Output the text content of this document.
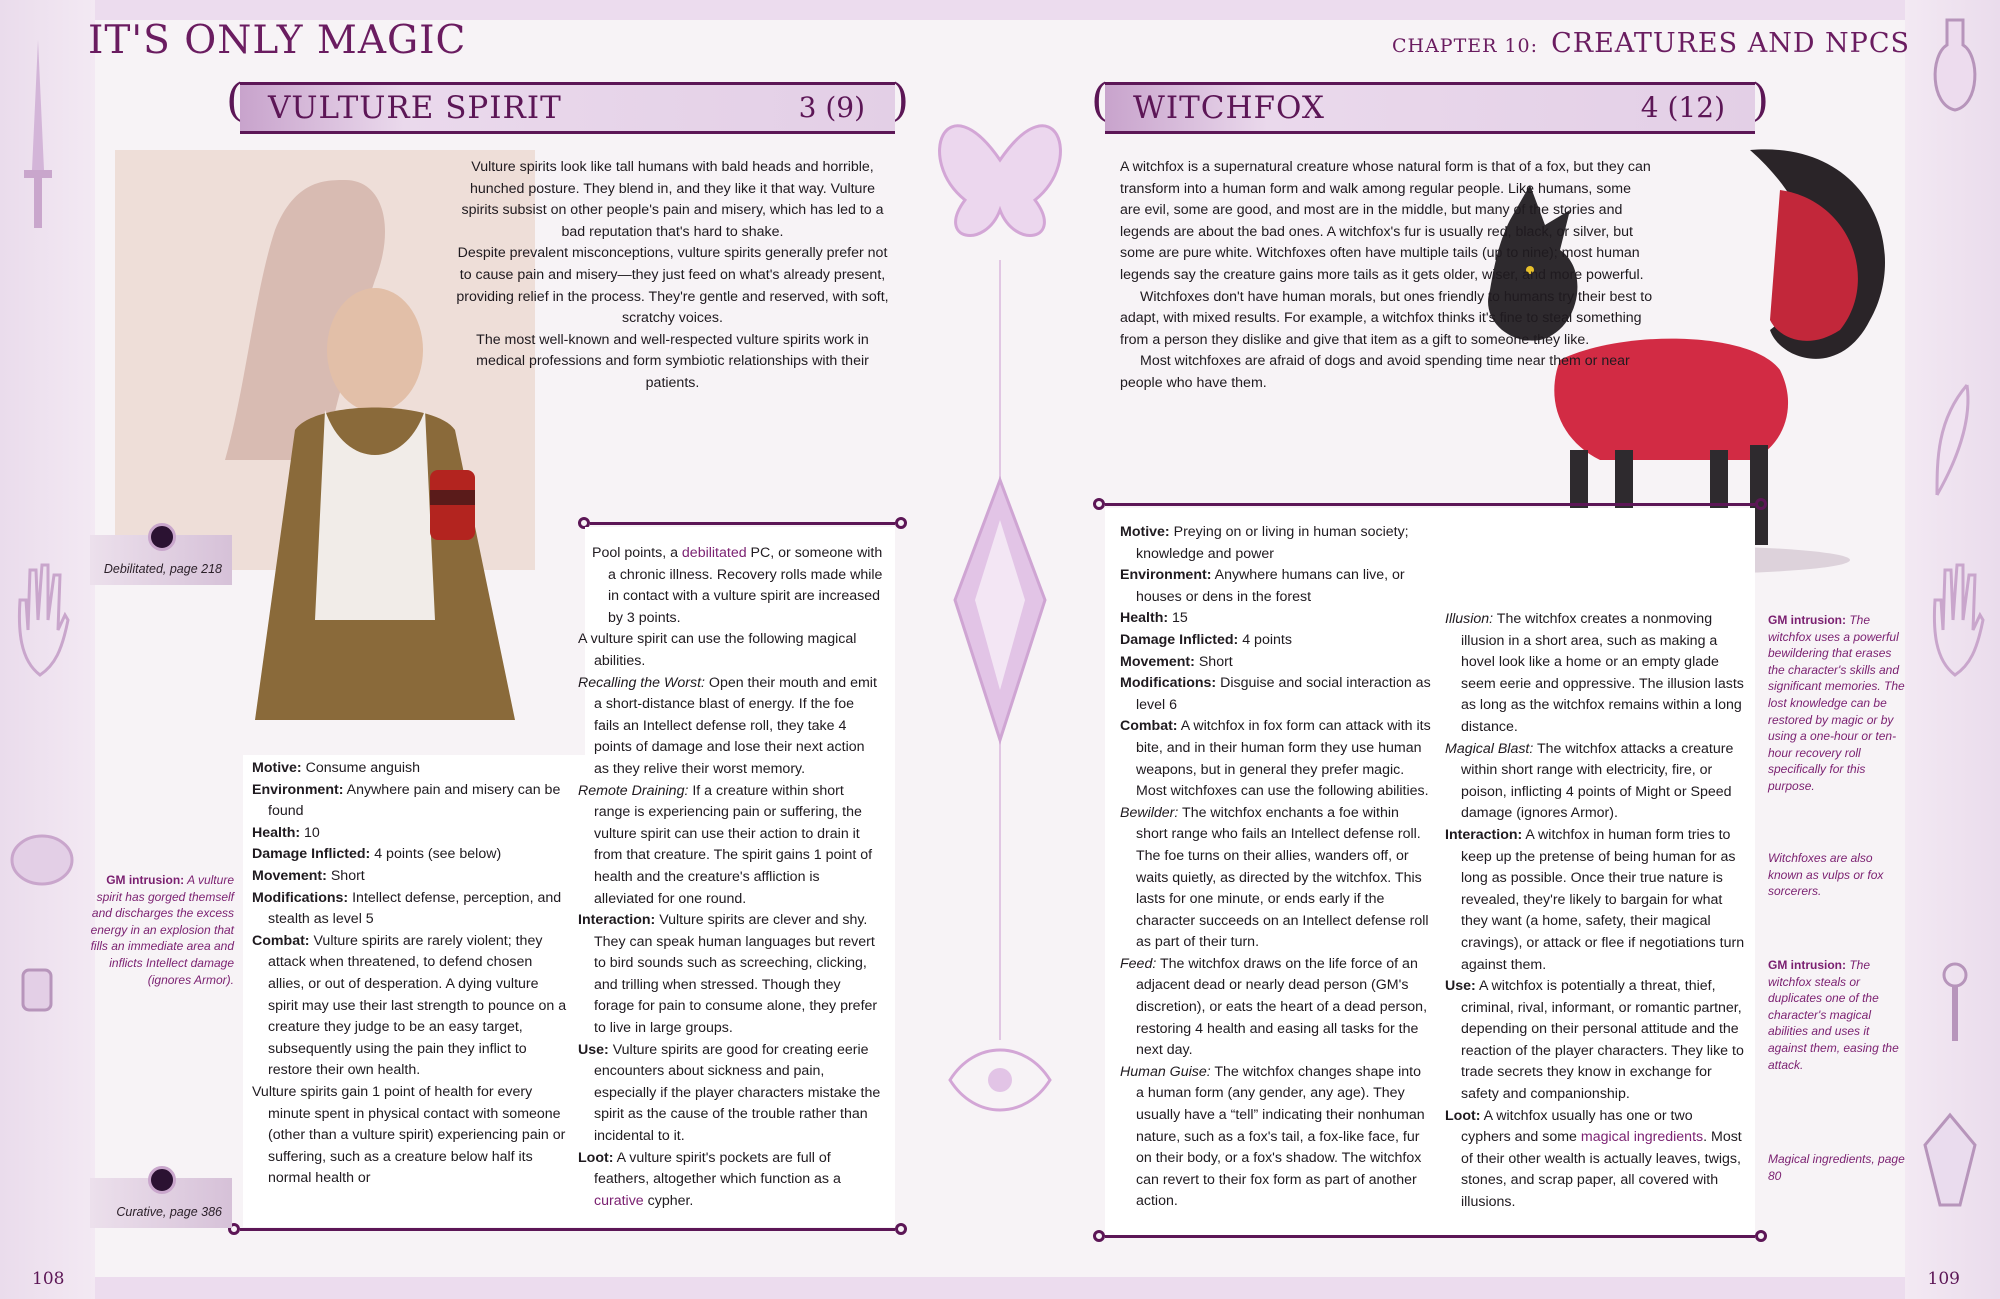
IT'S ONLY MAGIC	CHAPTER 10: CREATURES AND NPCS
( VULTURE SPIRIT	3 (9) )

Vulture spirits look like tall humans with bald heads and horrible, hunched posture. They blend in, and they like it that way. Vulture spirits subsist on other people's pain and misery, which has led to a bad reputation that's hard to shake.

Despite prevalent misconceptions, vulture spirits generally prefer not to cause pain and misery—they just feed on what's already present, providing relief in the process. They're gentle and reserved, with soft, scratchy voices.

The most well-known and well-respected vulture spirits work in medical professions and form symbiotic relationships with their patients.

Motive: Consume anguish

Environment: Anywhere pain and misery can be found

Health: 10

Damage Inflicted: 4 points (see below)

Movement: Short

Modifications: Intellect defense, perception, and stealth as level 5

Combat: Vulture spirits are rarely violent; they attack when threatened, to defend chosen allies, or out of desperation. A dying vulture spirit may use their last strength to pounce on a creature they judge to be an easy target, subsequently using the pain they inflict to restore their own health.

Vulture spirits gain 1 point of health for every minute spent in physical contact with someone (other than a vulture spirit) experiencing pain or suffering, such as a creature below half its normal health or

Pool points, a debilitated PC, or someone with a chronic illness. Recovery rolls made while in contact with a vulture spirit are increased by 3 points.

A vulture spirit can use the following magical abilities.

Recalling the Worst: Open their mouth and emit a short-distance blast of energy. If the foe fails an Intellect defense roll, they take 4 points of damage and lose their next action as they relive their worst memory.

Remote Draining: If a creature within short range is experiencing pain or suffering, the vulture spirit can use their action to drain it from that creature. The spirit gains 1 point of health and the creature's affliction is alleviated for one round.

Interaction: Vulture spirits are clever and shy. They can speak human languages but revert to bird sounds such as screeching, clicking, and trilling when stressed. Though they forage for pain to consume alone, they prefer to live in large groups.

Use: Vulture spirits are good for creating eerie encounters about sickness and pain, especially if the player characters mistake the spirit as the cause of the trouble rather than incidental to it.

Loot: A vulture spirit's pockets are full of feathers, altogether which function as a curative cypher.

Debilitated, page 218
Curative, page 386
GM intrusion: A vulture spirit has gorged themself and discharges the excess energy in an explosion that fills an immediate area and inflicts Intellect damage (ignores Armor).
108
( WITCHFOX	4 (12) )

A witchfox is a supernatural creature whose natural form is that of a fox, but they can transform into a human form and walk among regular people. Like humans, some are evil, some are good, and most are in the middle, but many of the stories and legends are about the bad ones. A witchfox's fur is usually red, black, or silver, but some are pure white. Witchfoxes often have multiple tails (up to nine); most human legends say the creature gains more tails as it gets older, wiser, and more powerful.

Witchfoxes don't have human morals, but ones friendly to humans try their best to adapt, with mixed results. For example, a witchfox thinks it's fine to steal something from a person they dislike and give that item as a gift to someone they like.

Most witchfoxes are afraid of dogs and avoid spending time near them or near people who have them.

Motive: Preying on or living in human society; knowledge and power

Environment: Anywhere humans can live, or houses or dens in the forest

Health: 15

Damage Inflicted: 4 points

Movement: Short

Modifications: Disguise and social interaction as level 6

Combat: A witchfox in fox form can attack with its bite, and in their human form they use human weapons, but in general they prefer magic. Most witchfoxes can use the following abilities.

Bewilder: The witchfox enchants a foe within short range who fails an Intellect defense roll. The foe turns on their allies, wanders off, or waits quietly, as directed by the witchfox. This lasts for one minute, or ends early if the character succeeds on an Intellect defense roll as part of their turn.

Feed: The witchfox draws on the life force of an adjacent dead or nearly dead person (GM's discretion), or eats the heart of a dead person, restoring 4 health and easing all tasks for the next day.

Human Guise: The witchfox changes shape into a human form (any gender, any age). They usually have a “tell” indicating their nonhuman nature, such as a fox's tail, a fox-like face, fur on their body, or a fox's shadow. The witchfox can revert to their fox form as part of another action.

Illusion: The witchfox creates a nonmoving illusion in a short area, such as making a hovel look like a home or an empty glade seem eerie and oppressive. The illusion lasts as long as the witchfox remains within a long distance.

Magical Blast: The witchfox attacks a creature within short range with electricity, fire, or poison, inflicting 4 points of Might or Speed damage (ignores Armor).

Interaction: A witchfox in human form tries to keep up the pretense of being human for as long as possible. Once their true nature is revealed, they're likely to bargain for what they want (a home, safety, their magical cravings), or attack or flee if negotiations turn against them.

Use: A witchfox is potentially a threat, thief, criminal, rival, informant, or romantic partner, depending on their personal attitude and the reaction of the player characters. They like to trade secrets they know in exchange for safety and companionship.

Loot: A witchfox usually has one or two cyphers and some magical ingredients. Most of their other wealth is actually leaves, twigs, stones, and scrap paper, all covered with illusions.

GM intrusion: The witchfox uses a powerful bewildering that erases the character's skills and significant memories. The lost knowledge can be restored by magic or by using a one-hour or ten-hour recovery roll specifically for this purpose.
Witchfoxes are also known as vulps or fox sorcerers.
GM intrusion: The witchfox steals or duplicates one of the character's magical abilities and uses it against them, easing the attack.
Magical ingredients, page 80
109
